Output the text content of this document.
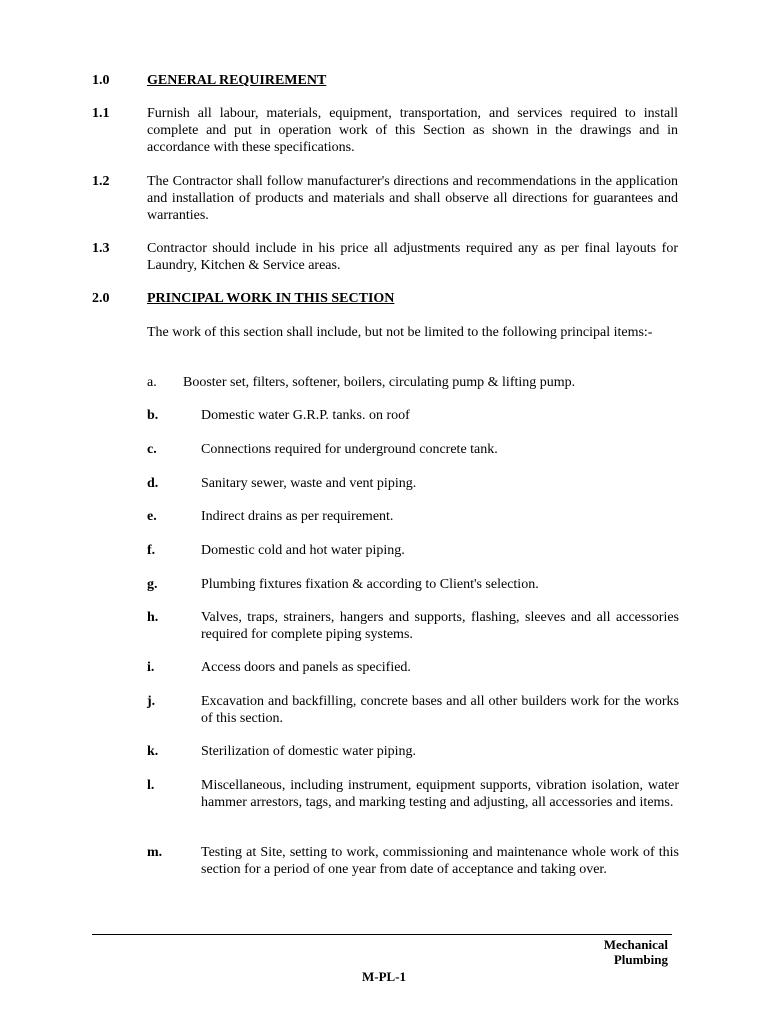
1.0	GENERAL REQUIREMENT
1.1	Furnish all labour, materials, equipment, transportation, and services required to install complete and put in operation work of this Section as shown in the drawings and in accordance with these specifications.
1.2	The Contractor shall follow manufacturer's directions and recommendations in the application and installation of products and materials and shall observe all directions for guarantees and warranties.
1.3	Contractor should include in his price all adjustments required any as per final layouts for Laundry, Kitchen & Service areas.
2.0	PRINCIPAL WORK IN THIS SECTION
The work of this section shall include, but not be limited to the following principal items:-
a. Booster set, filters, softener, boilers, circulating pump & lifting pump.
b.	Domestic water G.R.P. tanks. on roof
c.	Connections required for underground concrete tank.
d.	Sanitary sewer, waste and vent piping.
e.	Indirect drains as per requirement.
f.	Domestic cold and hot water piping.
g.	Plumbing fixtures fixation & according to Client's selection.
h.	Valves, traps, strainers, hangers and supports, flashing, sleeves and all accessories required for complete piping systems.
i.	Access doors and panels as specified.
j.	Excavation and backfilling, concrete bases and all other builders work for the works of this section.
k.	Sterilization of domestic water piping.
l.	Miscellaneous, including instrument, equipment supports, vibration isolation, water hammer arrestors, tags, and marking testing and adjusting, all accessories and items.
m.	Testing at Site, setting to work, commissioning and maintenance whole work of this section for a period of one year from date of acceptance and taking over.
Mechanical
Plumbing
M-PL-1
